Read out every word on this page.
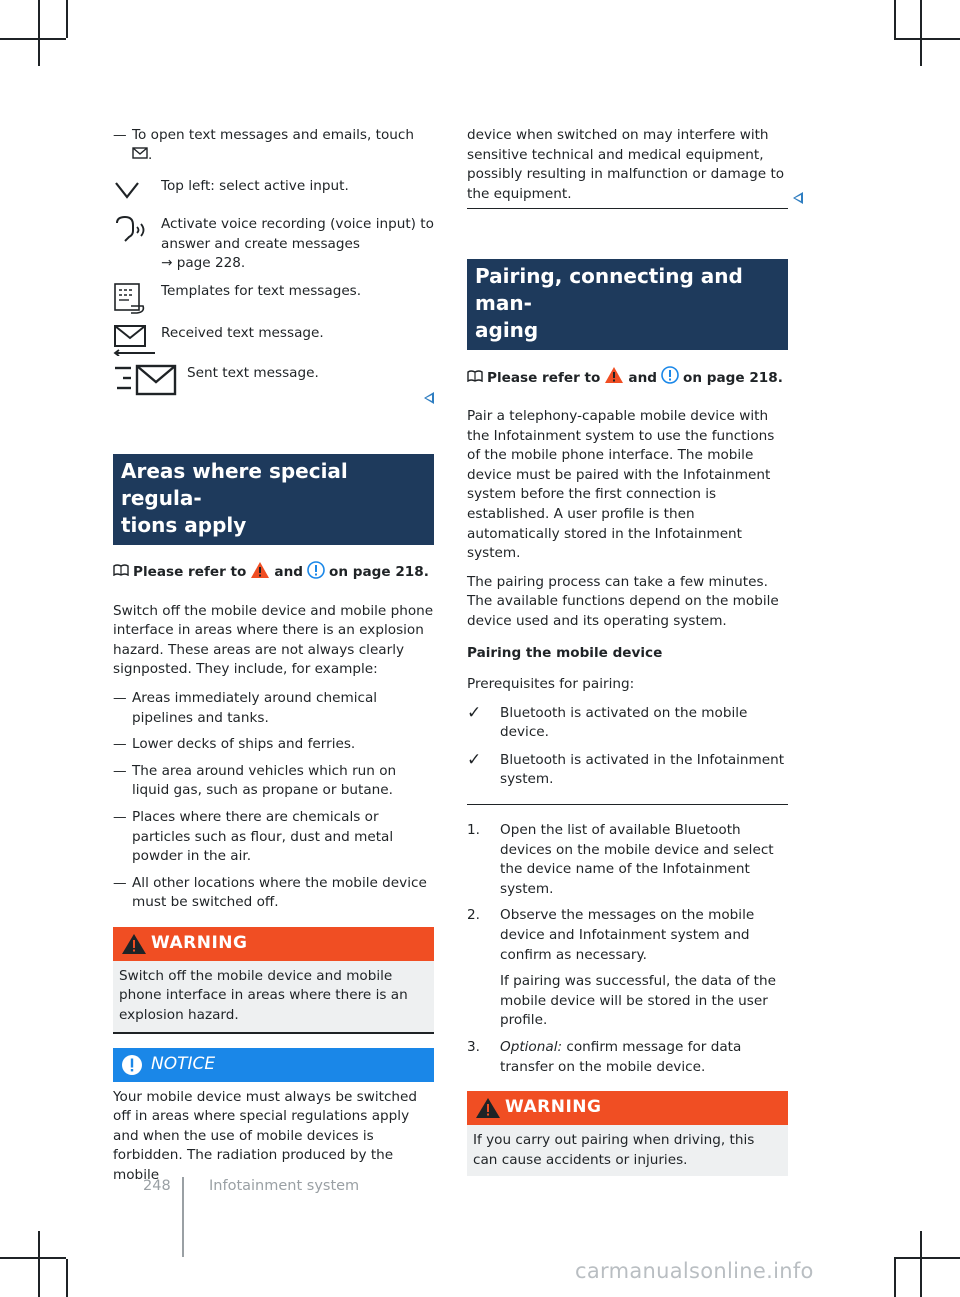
— To open text messages and emails, touch
.
Top left: select active input.
Activate voice recording (voice input) to answer and create messages
→ page 228.
Templates for text messages.
Received text message.
Sent text message.
Areas where special regula-
tions apply
Please refer to and on page 218.

Switch off the mobile device and mobile phone interface in areas where there is an explosion hazard. These areas are not always clearly signposted. They include, for example:

— Areas immediately around chemical pipelines and tanks.
— Lower decks of ships and ferries.
— The area around vehicles which run on liquid gas, such as propane or butane.
— Places where there are chemicals or particles such as flour, dust and metal powder in the air.
— All other locations where the mobile device must be switched off.
WARNING
Switch off the mobile device and mobile phone interface in areas where there is an explosion hazard.
NOTICE
Your mobile device must always be switched off in areas where special regulations apply and when the use of mobile devices is forbidden. The radiation produced by the mobile

device when switched on may interfere with sensitive technical and medical equipment, possibly resulting in malfunction or damage to the equipment.

Pairing, connecting and man-
aging
Please refer to and on page 218.

Pair a telephony-capable mobile device with the Infotainment system to use the functions of the mobile phone interface. The mobile device must be paired with the Infotainment system before the first connection is established. A user profile is then automatically stored in the Infotainment system.

The pairing process can take a few minutes. The available functions depend on the mobile device used and its operating system.

Pairing the mobile device

Prerequisites for pairing:

✓	Bluetooth is activated on the mobile device.
✓	Bluetooth is activated in the Infotainment system.
1.	Open the list of available Bluetooth devices on the mobile device and select the device name of the Infotainment system.
2.	Observe the messages on the mobile device and Infotainment system and confirm as necessary.
If pairing was successful, the data of the mobile device will be stored in the user profile.
3.	Optional: confirm message for data transfer on the mobile device.
WARNING
If you carry out pairing when driving, this can cause accidents or injuries.
248	Infotainment system
carmanualsonline.info
